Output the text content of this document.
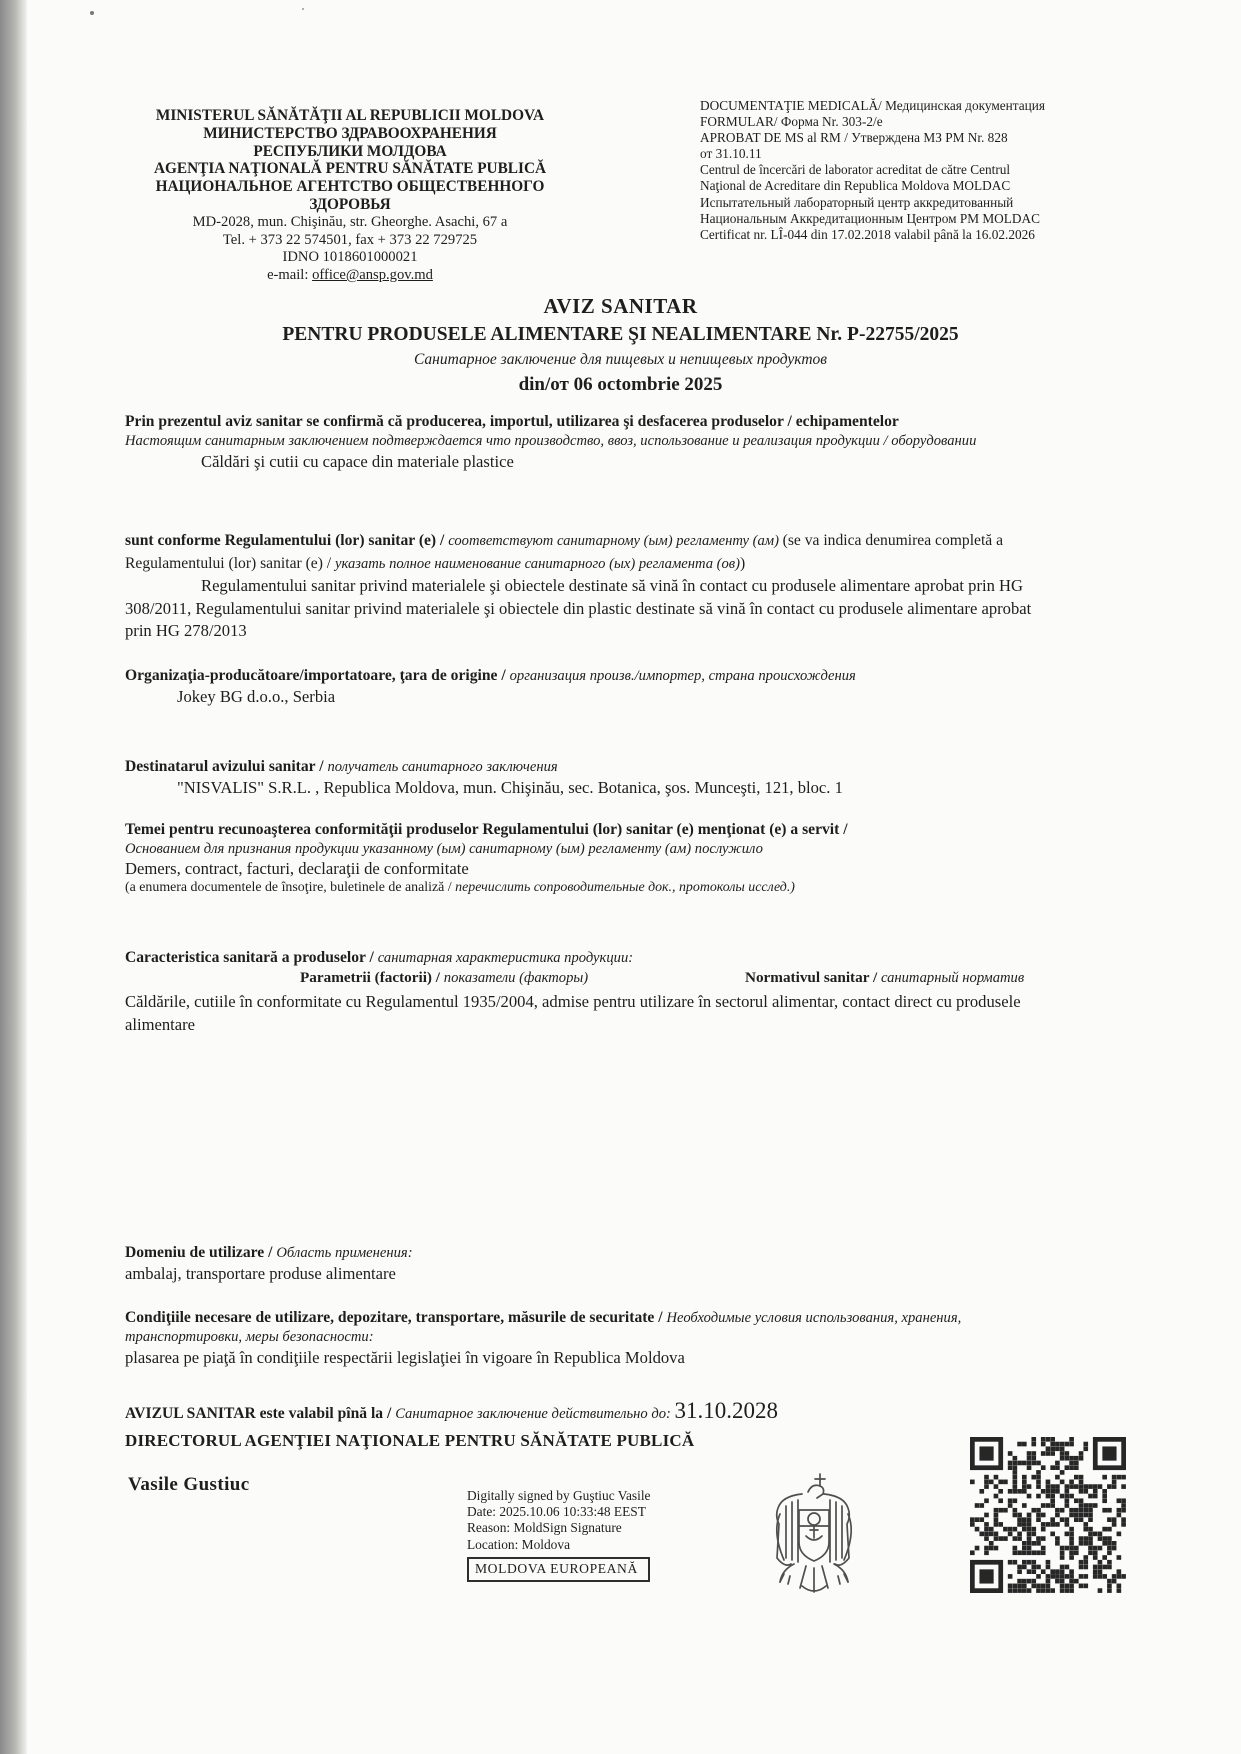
MINISTERUL SĂNĂTĂŢII AL REPUBLICII MOLDOVA
МИНИСТЕРСТВО ЗДРАВООХРАНЕНИЯ
РЕСПУБЛИКИ МОЛДОВА
AGENŢIA NAŢIONALĂ PENTRU SĂNĂTATE PUBLICĂ
НАЦИОНАЛЬНОЕ АГЕНТСТВО ОБЩЕСТВЕННОГО
ЗДОРОВЬЯ
MD-2028, mun. Chişinău, str. Gheorghe. Asachi, 67 a
Tel. + 373 22 574501, fax + 373 22 729725
IDNO 1018601000021
e-mail: office@ansp.gov.md
DOCUMENTAŢIE MEDICALĂ/ Медицинская документация
FORMULAR/ Форма Nr. 303-2/e
APROBAT DE MS al RM / Утверждена МЗ РМ Nr. 828
от 31.10.11
Centrul de încercări de laborator acreditat de către Centrul
Naţional de Acreditare din Republica Moldova MOLDAC
Испытательный лабораторный центр аккредитованный
Национальным Аккредитационным Центром РМ MOLDAC
Certificat nr. LÎ-044 din 17.02.2018 valabil până la 16.02.2026
AVIZ SANITAR
PENTRU PRODUSELE ALIMENTARE ŞI NEALIMENTARE Nr. P-22755/2025
Санитарное заключение для пищевых и непищевых продуктов
din/от 06 octombrie 2025
Prin prezentul aviz sanitar se confirmă că producerea, importul, utilizarea şi desfacerea produselor / echipamentelor
Настоящим санитарным заключением подтверждается что производство, ввоз, использование и реализация продукции / оборудовании
Căldări şi cutii cu capace din materiale plastice
sunt conforme Regulamentului (lor) sanitar (e) / соответствуют санитарному (ым) регламенту (ам) (se va indica denumirea completă a
Regulamentului (lor) sanitar (e) / указать полное наименование санитарного (ых) регламента (ов))
Regulamentului sanitar privind materialele şi obiectele destinate să vină în contact cu produsele alimentare aprobat prin HG 308/2011, Regulamentului sanitar privind materialele şi obiectele din plastic destinate să vină în contact cu produsele alimentare aprobat prin HG 278/2013
Organizaţia-producătoare/importatoare, ţara de origine / организация произв./импортер, страна происхождения
Jokey BG d.o.o., Serbia
Destinatarul avizului sanitar / получатель санитарного заключения
"NISVALIS" S.R.L. , Republica Moldova, mun. Chişinău, sec. Botanica, şos. Munceşti, 121, bloc. 1
Temei pentru recunoaşterea conformităţii produselor Regulamentului (lor) sanitar (e) menţionat (e) a servit /
Основанием для признания продукции указанному (ым) санитарному (ым) регламенту (ам) послужило
Demers, contract, facturi, declaraţii de conformitate
(a enumera documentele de însoţire, buletinele de analiză / перечислить сопроводительные док., протоколы исслед.)
Caracteristica sanitară a produselor / санитарная характеристика продукции:
Parametrii (factorii) / показатели (факторы)	Normativul sanitar / санитарный норматив
Căldările, cutiile în conformitate cu Regulamentul 1935/2004, admise pentru utilizare în sectorul alimentar, contact direct cu produsele alimentare
Domeniu de utilizare / Область применения:
ambalaj, transportare produse alimentare
Condiţiile necesare de utilizare, depozitare, transportare, măsurile de securitate / Необходимые условия использования, хранения,
транспортировки, меры безопасности:
plasarea pe piaţă în condiţiile respectării legislaţiei în vigoare în Republica Moldova
AVIZUL SANITAR este valabil pînă la / Санитарное заключение действительно до: 31.10.2028
DIRECTORUL AGENŢIEI NAŢIONALE PENTRU SĂNĂTATE PUBLICĂ
Vasile Gustiuc
Digitally signed by Guştiuc Vasile
Date: 2025.10.06 10:33:48 EEST
Reason: MoldSign Signature
Location: Moldova
MOLDOVA EUROPEANĂ
